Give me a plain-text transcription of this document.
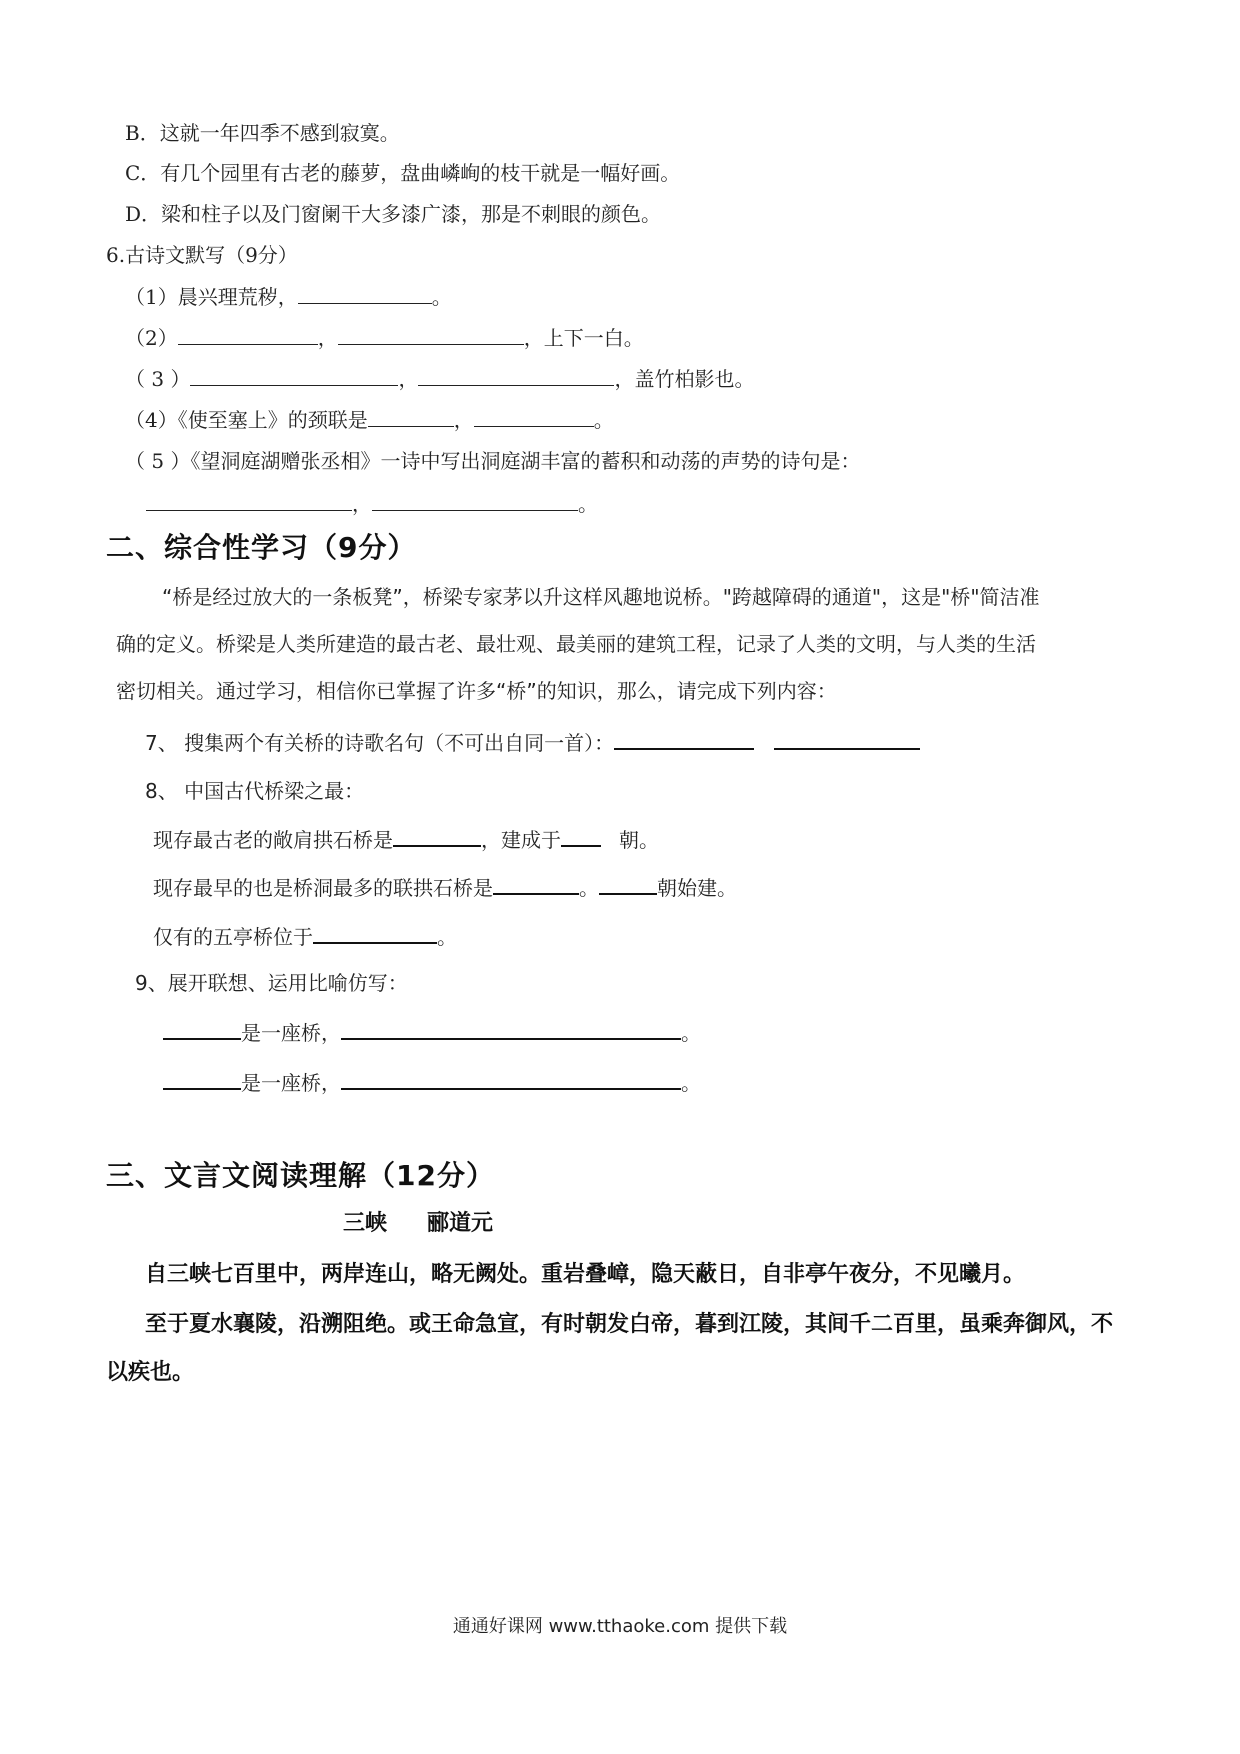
B．这就一年四季不感到寂寞。
C．有几个园里有古老的藤萝，盘曲嶙峋的枝干就是一幅好画。
D．梁和柱子以及门窗阑干大多漆广漆，那是不刺眼的颜色。
6.古诗文默写（9分）
（1）晨兴理荒秽，	。
（2）	，	，上下一白。
（ 3 ）	，	，盖竹柏影也。
（4）《使至塞上》的颈联是	，	。
（ 5 ）《望洞庭湖赠张丞相》一诗中写出洞庭湖丰富的蓄积和动荡的声势的诗句是：
，	。
二、综合性学习（9分）
“桥是经过放大的一条板凳”，桥梁专家茅以升这样风趣地说桥。"跨越障碍的通道"，这是"桥"简洁准
确的定义。桥梁是人类所建造的最古老、最壮观、最美丽的建筑工程，记录了人类的文明，与人类的生活
密切相关。通过学习，相信你已掌握了许多“桥”的知识，那么，请完成下列内容：
7、 搜集两个有关桥的诗歌名句（不可出自同一首）：
8、 中国古代桥梁之最：
现存最古老的敞肩拱石桥是	，建成于	朝。
现存最早的也是桥洞最多的联拱石桥是	。	朝始建。
仅有的五亭桥位于	。
9、展开联想、运用比喻仿写：
是一座桥，	。
是一座桥，	。
三、文言文阅读理解（12分）
三峡 郦道元
自三峡七百里中，两岸连山，略无阙处。重岩叠嶂，隐天蔽日，自非亭午夜分，不见曦月。
至于夏水襄陵，沿溯阻绝。或王命急宣，有时朝发白帝，暮到江陵，其间千二百里，虽乘奔御风，不
以疾也。
通通好课网 www.tthaoke.com 提供下载
